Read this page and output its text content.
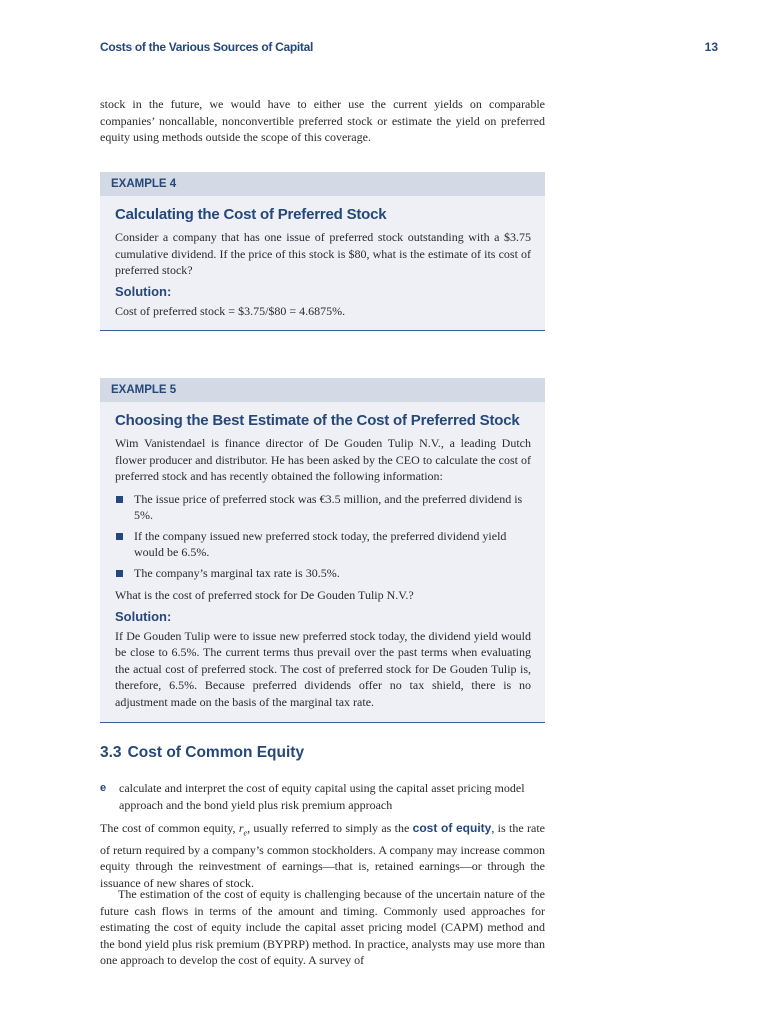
Costs of the Various Sources of Capital	13

stock in the future, we would have to either use the current yields on comparable companies’ noncallable, nonconvertible preferred stock or estimate the yield on preferred equity using methods outside the scope of this coverage.

EXAMPLE 4
Calculating the Cost of Preferred Stock

Consider a company that has one issue of preferred stock outstanding with a $3.75 cumulative dividend. If the price of this stock is $80, what is the estimate of its cost of preferred stock?

Solution:

Cost of preferred stock = $3.75/$80 = 4.6875%.

EXAMPLE 5
Choosing the Best Estimate of the Cost of Preferred Stock

Wim Vanistendael is finance director of De Gouden Tulip N.V., a leading Dutch flower producer and distributor. He has been asked by the CEO to calculate the cost of preferred stock and has recently obtained the following information:

The issue price of preferred stock was €3.5 million, and the preferred dividend is 5%.
If the company issued new preferred stock today, the preferred dividend yield would be 6.5%.
The company’s marginal tax rate is 30.5%.

What is the cost of preferred stock for De Gouden Tulip N.V.?

Solution:

If De Gouden Tulip were to issue new preferred stock today, the dividend yield would be close to 6.5%. The current terms thus prevail over the past terms when evaluating the actual cost of preferred stock. The cost of preferred stock for De Gouden Tulip is, therefore, 6.5%. Because preferred dividends offer no tax shield, there is no adjustment made on the basis of the marginal tax rate.

3.3 Cost of Common Equity
e	calculate and interpret the cost of equity capital using the capital asset pricing model approach and the bond yield plus risk premium approach

The cost of common equity, $r_e$, usually referred to simply as the cost of equity, is the rate of return required by a company’s common stockholders. A company may increase common equity through the reinvestment of earnings—that is, retained earnings—or through the issuance of new shares of stock.

The estimation of the cost of equity is challenging because of the uncertain nature of the future cash flows in terms of the amount and timing. Commonly used approaches for estimating the cost of equity include the capital asset pricing model (CAPM) method and the bond yield plus risk premium (BYPRP) method. In practice, analysts may use more than one approach to develop the cost of equity. A survey of
